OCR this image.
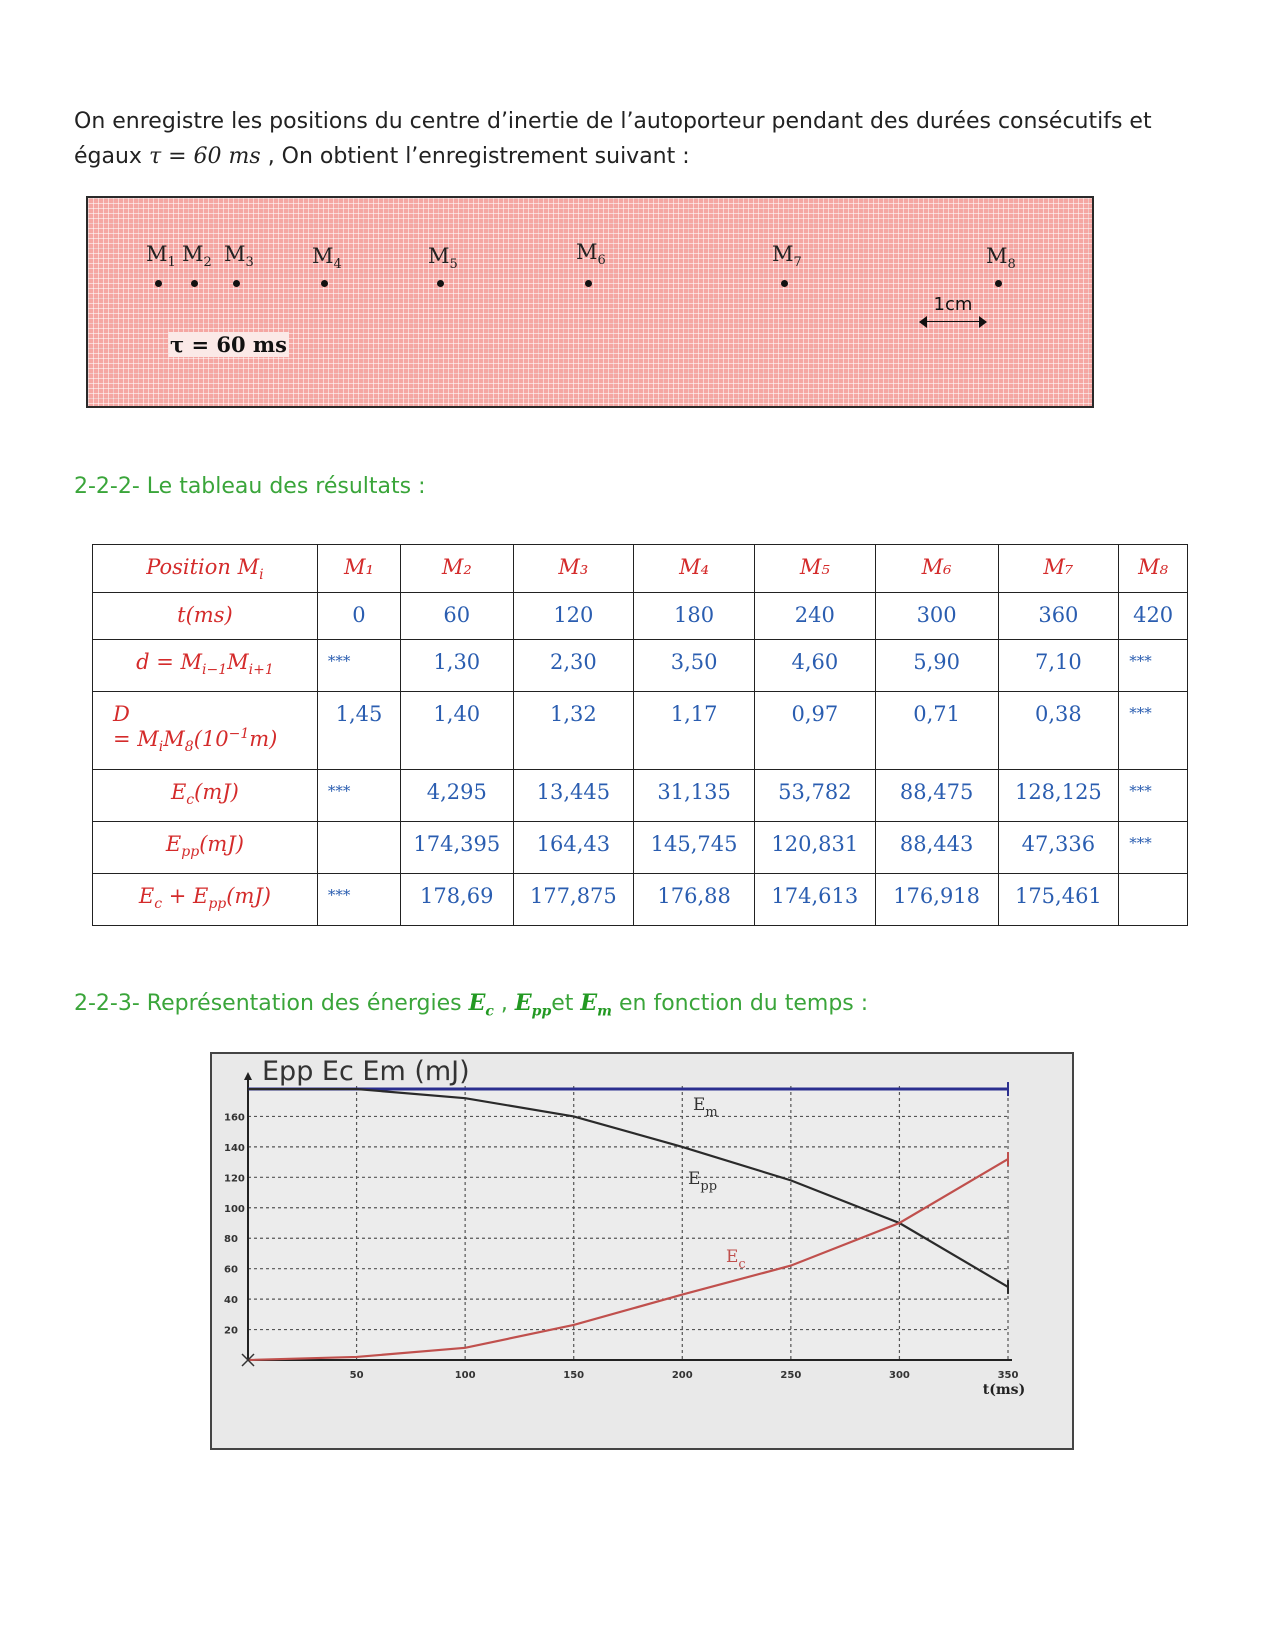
On enregistre les positions du centre d’inertie de l’autoporteur pendant des durées consécutifs et
égaux τ = 60 ms , On obtient l’enregistrement suivant :
τ = 60 ms
1cm
$M_1$ $M_2$ $M_3$	$M_4$	$M_5$
$M_6$	$M_7$	$M_8$
2-2-2- Le tableau des résultats :
Position $M_i$	M₁	M₂	M₃	M₄	M₅	M₆	M₇	M₈
t(ms)	0	60	120	180	240	300	360	420
$d = M_{i-1}M_{i+1}$	***	1,30	2,30	3,50	4,60	5,90	7,10	***
D
= $M_iM_8(10^{-1}m)$	1,45	1,40	1,32	1,17	0,97	0,71	0,38	***
$E_c(mJ)$	***	4,295	13,445	31,135	53,782	88,475	128,125	***
$E_{pp}(mJ)$		174,395	164,43	145,745	120,831	88,443	47,336	***
$E_c + E_{pp}(mJ)$	***	178,69	177,875	176,88	174,613	176,918	175,461	
2-2-3- Représentation des énergies $E_c$ , $E_{pp}et$ $E_m$ en fonction du temps :
20
40
60
80
100
120
140
160
50	100	150	200	250	300	350
Epp Ec Em (mJ)
t(ms)
$E_m$
$E_{pp}$
$E_c$
